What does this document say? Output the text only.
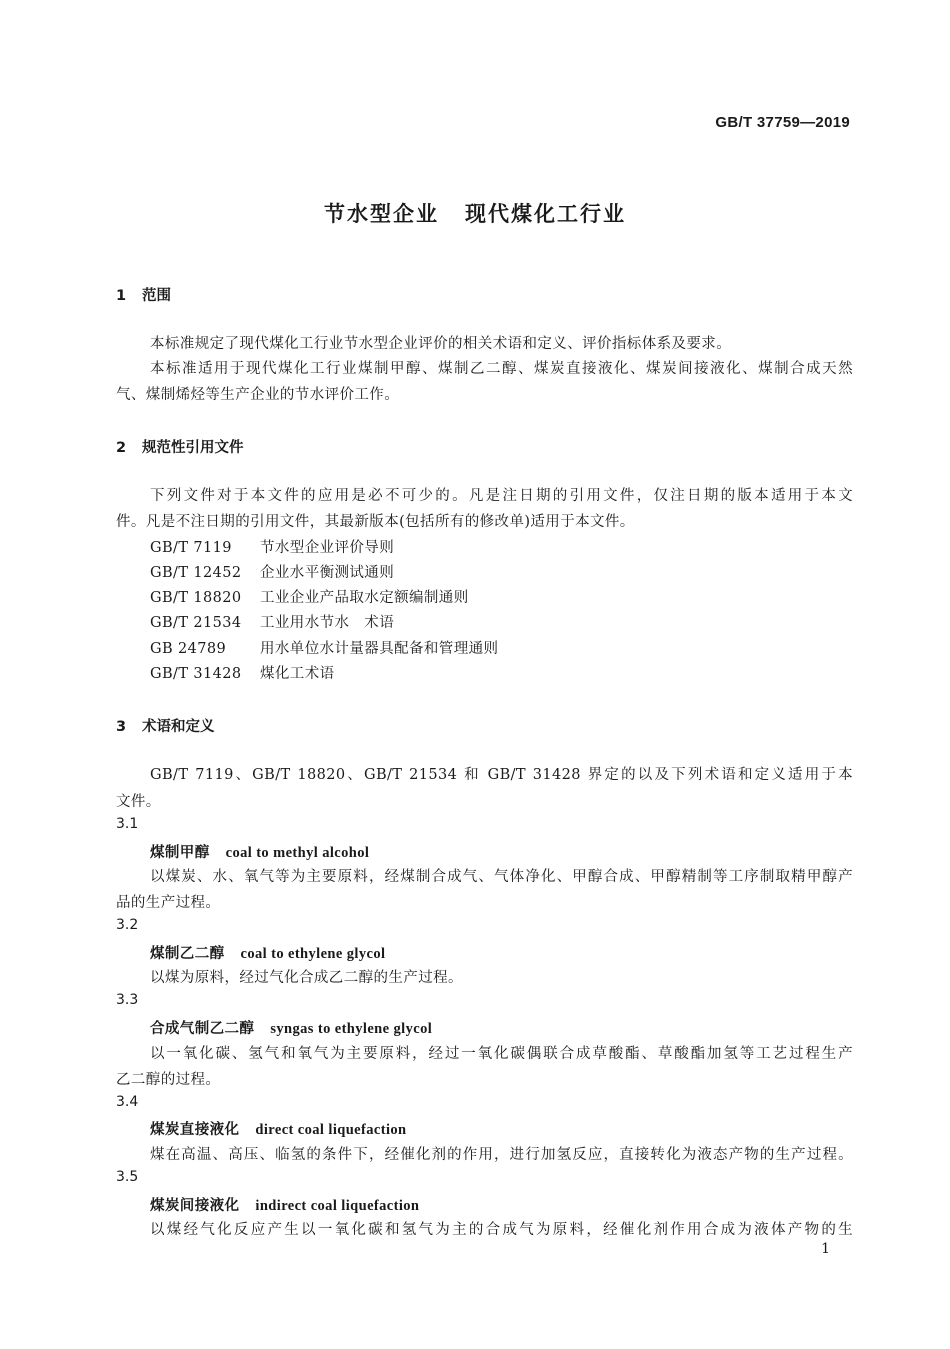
GB/T 37759—2019
节水型企业 现代煤化工行业
1 范围
本标准规定了现代煤化工行业节水型企业评价的相关术语和定义、评价指标体系及要求。
本标准适用于现代煤化工行业煤制甲醇、煤制乙二醇、煤炭直接液化、煤炭间接液化、煤制合成天然
气、煤制烯烃等生产企业的节水评价工作。
2 规范性引用文件
下列文件对于本文件的应用是必不可少的。凡是注日期的引用文件，仅注日期的版本适用于本文
件。凡是不注日期的引用文件，其最新版本(包括所有的修改单)适用于本文件。
GB/T 7119 节水型企业评价导则
GB/T 12452 企业水平衡测试通则
GB/T 18820 工业企业产品取水定额编制通则
GB/T 21534 工业用水节水　术语
GB 24789 用水单位水计量器具配备和管理通则
GB/T 31428 煤化工术语
3 术语和定义
GB/T 7119、GB/T 18820、GB/T 21534 和 GB/T 31428 界定的以及下列术语和定义适用于本
文件。
3.1
煤制甲醇 coal to methyl alcohol
以煤炭、水、氧气等为主要原料，经煤制合成气、气体净化、甲醇合成、甲醇精制等工序制取精甲醇产
品的生产过程。
3.2
煤制乙二醇 coal to ethylene glycol
以煤为原料，经过气化合成乙二醇的生产过程。
3.3
合成气制乙二醇 syngas to ethylene glycol
以一氧化碳、氢气和氧气为主要原料，经过一氧化碳偶联合成草酸酯、草酸酯加氢等工艺过程生产
乙二醇的过程。
3.4
煤炭直接液化 direct coal liquefaction
煤在高温、高压、临氢的条件下，经催化剂的作用，进行加氢反应，直接转化为液态产物的生产过程。
3.5
煤炭间接液化 indirect coal liquefaction
以煤经气化反应产生以一氧化碳和氢气为主的合成气为原料，经催化剂作用合成为液体产物的生
1
